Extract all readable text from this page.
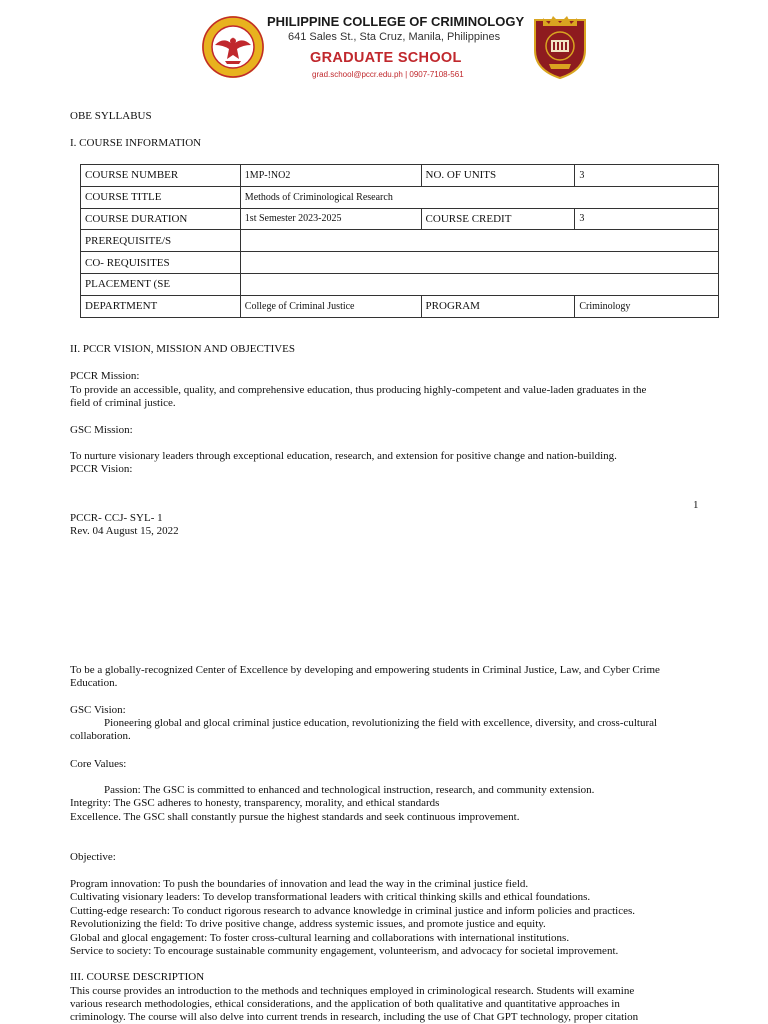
PHILIPPINE COLLEGE OF CRIMINOLOGY
641 Sales St., Sta Cruz, Manila, Philippines
GRADUATE SCHOOL
grad.school@pccr.edu.ph | 0907-7108-561
OBE SYLLABUS
I. COURSE INFORMATION
COURSE NUMBER	1MP-!NO2	NO. OF UNITS	3
COURSE TITLE	Methods of Criminological Research		
COURSE DURATION	1st Semester 2023-2025	COURSE CREDIT	3
PREREQUISITE/S			
CO- REQUISITES			
PLACEMENT (SE			
DEPARTMENT	College of Criminal Justice	PROGRAM	Criminology
II. PCCR VISION, MISSION AND OBJECTIVES
PCCR Mission:
To provide an accessible, quality, and comprehensive education, thus producing highly-competent and value-laden graduates in the
field of criminal justice.
GSC Mission:
To nurture visionary leaders through exceptional education, research, and extension for positive change and nation-building.
PCCR Vision:
1
PCCR- CCJ- SYL- 1
Rev. 04 August 15, 2022
To be a globally-recognized Center of Excellence by developing and empowering students in Criminal Justice, Law, and Cyber Crime
Education.
GSC Vision:
Pioneering global and glocal criminal justice education, revolutionizing the field with excellence, diversity, and cross-cultural
collaboration.
Core Values:
Passion: The GSC is committed to enhanced and technological instruction, research, and community extension.
Integrity: The GSC adheres to honesty, transparency, morality, and ethical standards
Excellence. The GSC shall constantly pursue the highest standards and seek continuous improvement.
Objective:
Program innovation: To push the boundaries of innovation and lead the way in the criminal justice field.
Cultivating visionary leaders: To develop transformational leaders with critical thinking skills and ethical foundations.
Cutting-edge research: To conduct rigorous research to advance knowledge in criminal justice and inform policies and practices.
Revolutionizing the field: To drive positive change, address systemic issues, and promote justice and equity.
Global and glocal engagement: To foster cross-cultural learning and collaborations with international institutions.
Service to society: To encourage sustainable community engagement, volunteerism, and advocacy for societal improvement.
III. COURSE DESCRIPTION
This course provides an introduction to the methods and techniques employed in criminological research. Students will examine
various research methodologies, ethical considerations, and the application of both qualitative and quantitative approaches in
criminology. The course will also delve into current trends in research, including the use of Chat GPT technology, proper citation
